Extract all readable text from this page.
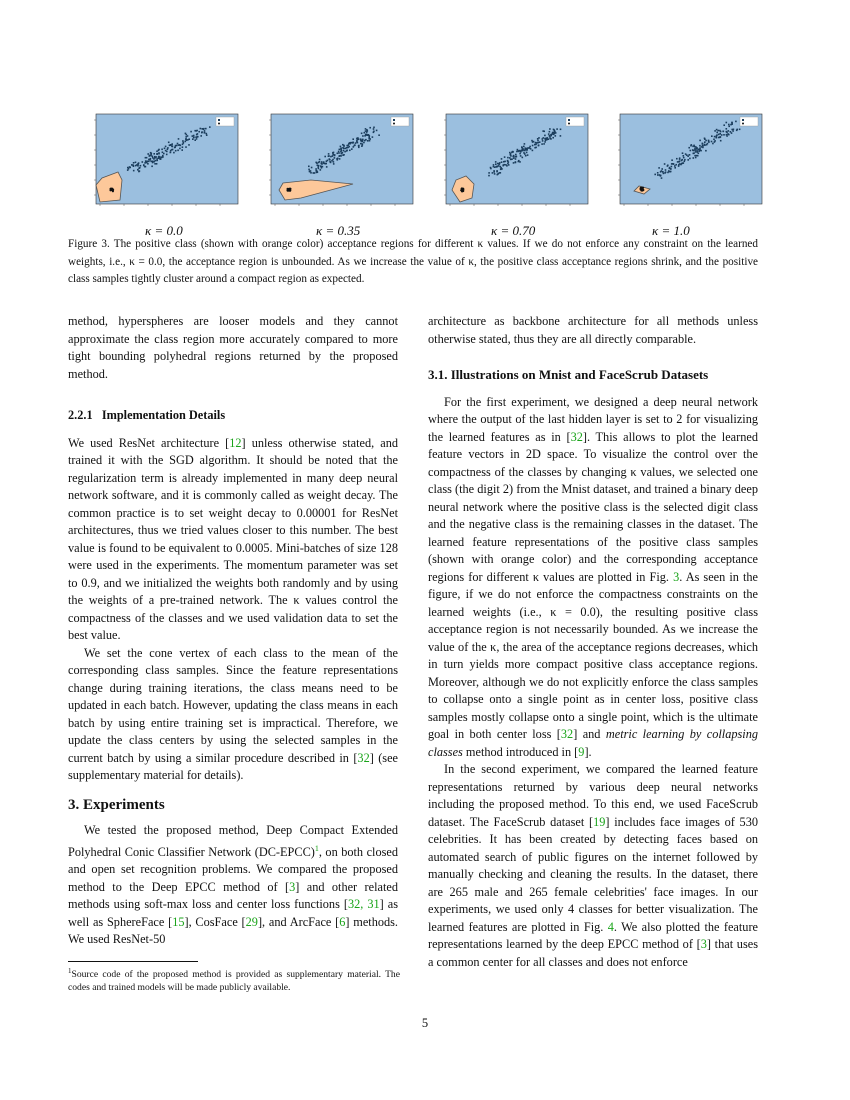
κ = 0.0	κ = 0.35	κ = 0.70	κ = 1.0
Figure 3. The positive class (shown with orange color) acceptance regions for different κ values. If we do not enforce any constraint on the learned weights, i.e., κ = 0.0, the acceptance region is unbounded. As we increase the value of κ, the positive class acceptance regions shrink, and the positive class samples tightly cluster around a compact region as expected.

method, hyperspheres are looser models and they cannot approximate the class region more accurately compared to more tight bounding polyhedral regions returned by the proposed method.

2.2.1   Implementation Details

We used ResNet architecture [12] unless otherwise stated, and trained it with the SGD algorithm. It should be noted that the regularization term is already implemented in many deep neural network software, and it is commonly called as weight decay. The common practice is to set weight decay to 0.00001 for ResNet architectures, thus we tried values closer to this number. The best value is found to be equivalent to 0.0005. Mini-batches of size 128 were used in the experiments. The momentum parameter was set to 0.9, and we initialized the weights both randomly and by using the weights of a pre-trained network. The κ values control the compactness of the classes and we used validation data to set the best value.

We set the cone vertex of each class to the mean of the corresponding class samples. Since the feature representations change during training iterations, the class means need to be updated in each batch. However, updating the class means in each batch by using entire training set is impractical. Therefore, we update the class centers by using the selected samples in the current batch by using a similar procedure described in [32] (see supplementary material for details).

3. Experiments

We tested the proposed method, Deep Compact Extended Polyhedral Conic Classifier Network (DC-EPCC)$^1$, on both closed and open set recognition problems. We compared the proposed method to the Deep EPCC method of [3] and other related methods using soft-max loss and center loss functions [32, 31] as well as SphereFace [15], CosFace [29], and ArcFace [6] methods. We used ResNet-50

architecture as backbone architecture for all methods unless otherwise stated, thus they are all directly comparable.

3.1. Illustrations on Mnist and FaceScrub Datasets

For the first experiment, we designed a deep neural network where the output of the last hidden layer is set to 2 for visualizing the learned features as in [32]. This allows to plot the learned feature vectors in 2D space. To visualize the control over the compactness of the classes by changing κ values, we selected one class (the digit 2) from the Mnist dataset, and trained a binary deep neural network where the positive class is the selected digit class and the negative class is the remaining classes in the dataset. The learned feature representations of the positive class samples (shown with orange color) and the corresponding acceptance regions for different κ values are plotted in Fig. 3. As seen in the figure, if we do not enforce the compactness constraints on the learned weights (i.e., κ = 0.0), the resulting positive class acceptance region is not necessarily bounded. As we increase the value of the κ, the area of the acceptance regions decreases, which in turn yields more compact positive class acceptance regions. Moreover, although we do not explicitly enforce the class samples to collapse onto a single point as in center loss, positive class samples mostly collapse onto a single point, which is the ultimate goal in both center loss [32] and metric learning by collapsing classes method introduced in [9].

In the second experiment, we compared the learned feature representations returned by various deep neural networks including the proposed method. To this end, we used FaceScrub dataset. The FaceScrub dataset [19] includes face images of 530 celebrities. It has been created by detecting faces based on automated search of public figures on the internet followed by manually checking and cleaning the results. In the dataset, there are 265 male and 265 female celebrities' face images. In our experiments, we used only 4 classes for better visualization. The learned features are plotted in Fig. 4. We also plotted the feature representations learned by the deep EPCC method of [3] that uses a common center for all classes and does not enforce

$^1$Source code of the proposed method is provided as supplementary material. The codes and trained models will be made publicly available.
5
